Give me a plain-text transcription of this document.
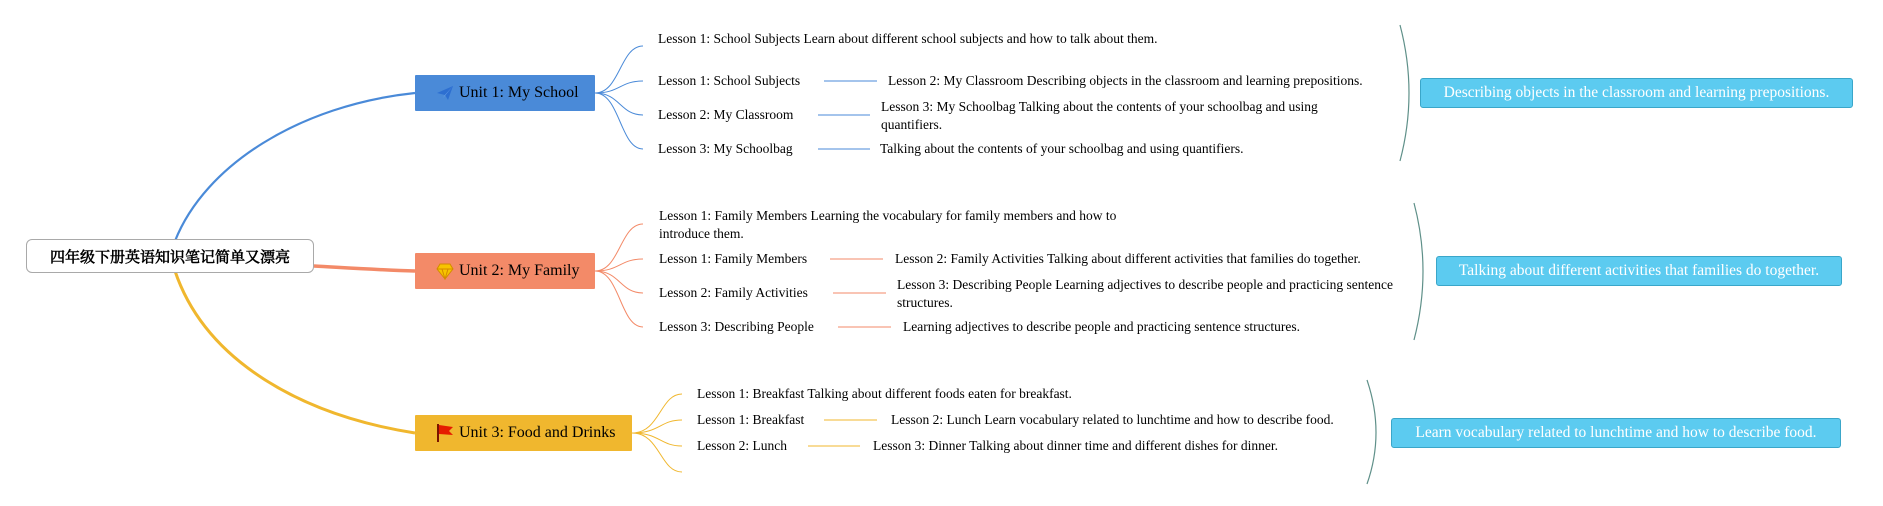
四年级下册英语知识笔记简单又漂亮
Unit 1: My School
Lesson 1: School Subjects Learn about different school subjects and how to talk about them.
Lesson 1: School Subjects	Lesson 2: My Classroom Describing objects in the classroom and learning prepositions.
Lesson 2: My Classroom
Lesson 3: My Schoolbag Talking about the contents of your schoolbag and using quantifiers.
Lesson 3: My Schoolbag	Talking about the contents of your schoolbag and using quantifiers.
Describing objects in the classroom and learning prepositions.
Unit 2: My Family
Lesson 1: Family Members Learning the vocabulary for family members and how to introduce them.
Lesson 1: Family Members	Lesson 2: Family Activities Talking about different activities that families do together.
Lesson 2: Family Activities
Lesson 3: Describing People Learning adjectives to describe people and practicing sentence structures.
Lesson 3: Describing People	Learning adjectives to describe people and practicing sentence structures.
Talking about different activities that families do together.
Unit 3: Food and Drinks
Lesson 1: Breakfast Talking about different foods eaten for breakfast.
Lesson 1: Breakfast	Lesson 2: Lunch Learn vocabulary related to lunchtime and how to describe food.
Lesson 2: Lunch	Lesson 3: Dinner Talking about dinner time and different dishes for dinner.
Learn vocabulary related to lunchtime and how to describe food.
